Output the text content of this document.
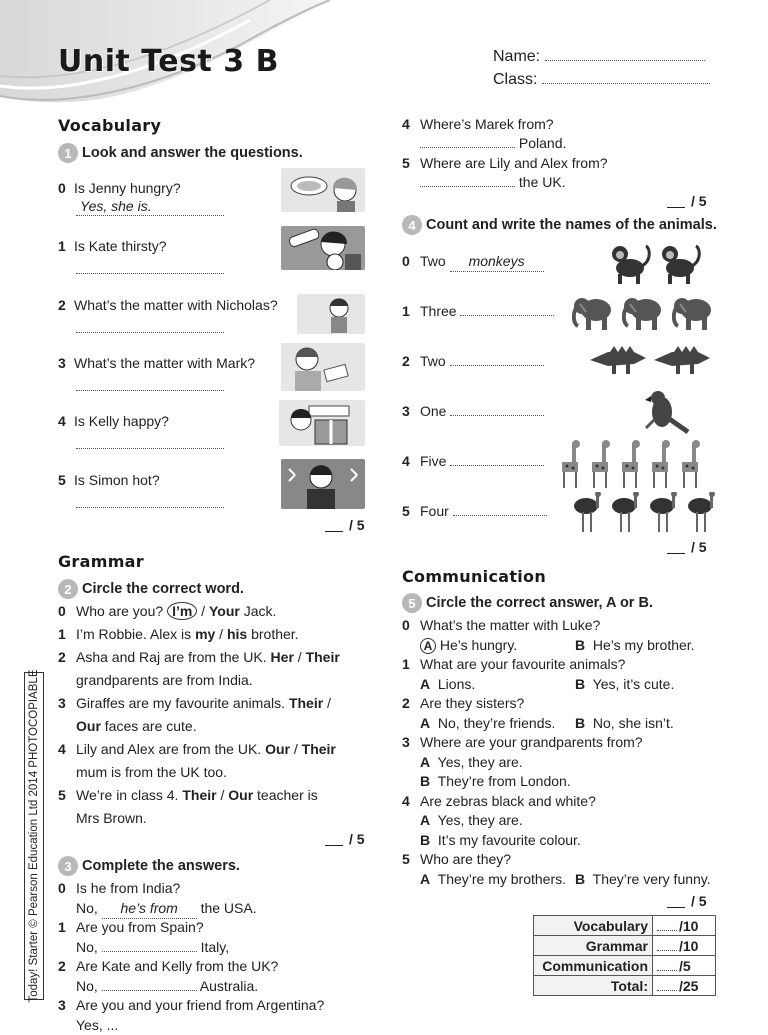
Unit Test 3 B	Name:
Class:
Vocabulary
1 Look and answer the questions.
0 Is Jenny hungry?
Yes, she is.
1 Is Kate thirsty?
2 What’s the matter with Nicholas?
3 What’s the matter with Mark?
4 Is Kelly happy?
5 Is Simon hot?
/ 5
Grammar
2 Circle the correct word.
0 Who are you? I’m / Your Jack.
1 I’m Robbie. Alex is my / his brother.
2 Asha and Raj are from the UK. Her / Their
grandparents are from India.
3 Giraffes are my favourite animals. Their /
Our faces are cute.
4 Lily and Alex are from the UK. Our / Their
mum is from the UK too.
5 We’re in class 4. Their / Our teacher is
Mrs Brown.
/ 5
3 Complete the answers.
0 Is he from India?
No, he’s from the USA.
1 Are you from Spain?
No,	Italy,
2 Are Kate and Kelly from the UK?
No,	Australia.
3 Are you and your friend from Argentina?
Yes, ...
4 Where’s Marek from?
Poland.
5 Where are Lily and Alex from?
the UK.
/ 5
4 Count and write the names of the animals.
0 Two monkeys
1 Three
2 Two
3 One
4 Five
5 Four
/ 5
Communication
5 Circle the correct answer, A or B.
0 What’s the matter with Luke?
A He’s hungry.	B He’s my brother.
1 What are your favourite animals?
A Lions.	B Yes, it’s cute.
2 Are they sisters?
A No, they’re friends. B No, she isn’t.
3 Where are your grandparents from?
A Yes, they are.
B They’re from London.
4 Are zebras black and white?
A Yes, they are.
B It’s my favourite colour.
5 Who are they?
A They’re my brothers. B They’re very funny.
/ 5
Vocabulary	/10
Grammar	/10
Communication	/5
Total:	/25
Today! Starter © Pearson Education Ltd 2014 PHOTOCOPIABLE
